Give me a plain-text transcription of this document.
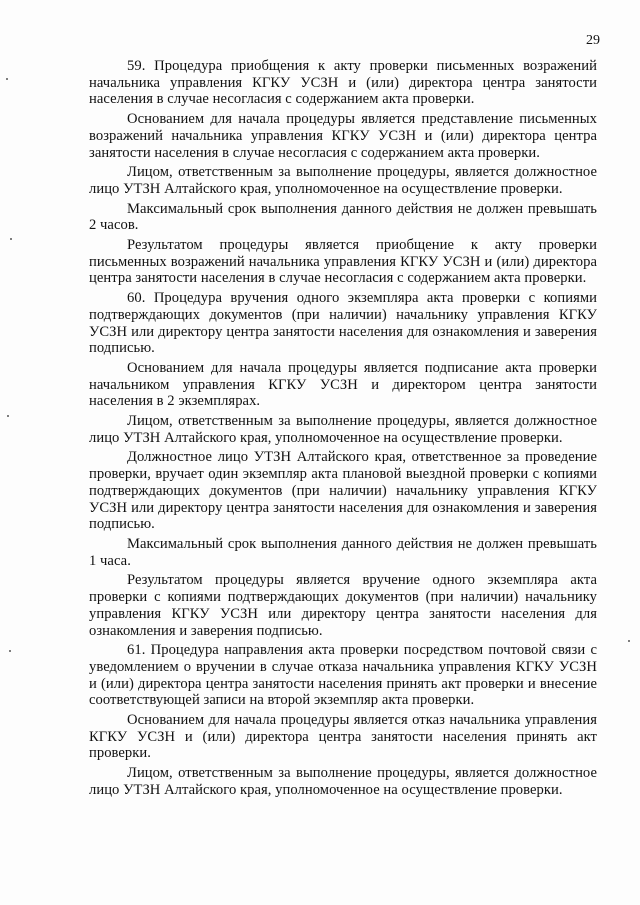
29

59. Процедура приобщения к акту проверки письменных возражений начальника управления КГКУ УСЗН и (или) директора центра занятости населения в случае несогласия с содержанием акта проверки.

Основанием для начала процедуры является представление письменных возражений начальника управления КГКУ УСЗН и (или) директора центра занятости населения в случае несогласия с содержанием акта проверки.

Лицом, ответственным за выполнение процедуры, является должностное лицо УТЗН Алтайского края, уполномоченное на осуществление проверки.

Максимальный срок выполнения данного действия не должен превышать 2 часов.

Результатом процедуры является приобщение к акту проверки письменных возражений начальника управления КГКУ УСЗН и (или) директора центра занятости населения в случае несогласия с содержанием акта проверки.

60. Процедура вручения одного экземпляра акта проверки с копиями подтверждающих документов (при наличии) начальнику управления КГКУ УСЗН или директору центра занятости населения для ознакомления и заверения подписью.

Основанием для начала процедуры является подписание акта проверки начальником управления КГКУ УСЗН и директором центра занятости населения в 2 экземплярах.

Лицом, ответственным за выполнение процедуры, является должностное лицо УТЗН Алтайского края, уполномоченное на осуществление проверки.

Должностное лицо УТЗН Алтайского края, ответственное за проведение проверки, вручает один экземпляр акта плановой выездной проверки с копиями подтверждающих документов (при наличии) начальнику управления КГКУ УСЗН или директору центра занятости населения для ознакомления и заверения подписью.

Максимальный срок выполнения данного действия не должен превышать 1 часа.

Результатом процедуры является вручение одного экземпляра акта проверки с копиями подтверждающих документов (при наличии) начальнику управления КГКУ УСЗН или директору центра занятости населения для ознакомления и заверения подписью.

61. Процедура направления акта проверки посредством почтовой связи с уведомлением о вручении в случае отказа начальника управления КГКУ УСЗН и (или) директора центра занятости населения принять акт проверки и внесение соответствующей записи на второй экземпляр акта проверки.

Основанием для начала процедуры является отказ начальника управления КГКУ УСЗН и (или) директора центра занятости населения принять акт проверки.

Лицом, ответственным за выполнение процедуры, является должностное лицо УТЗН Алтайского края, уполномоченное на осуществление проверки.
